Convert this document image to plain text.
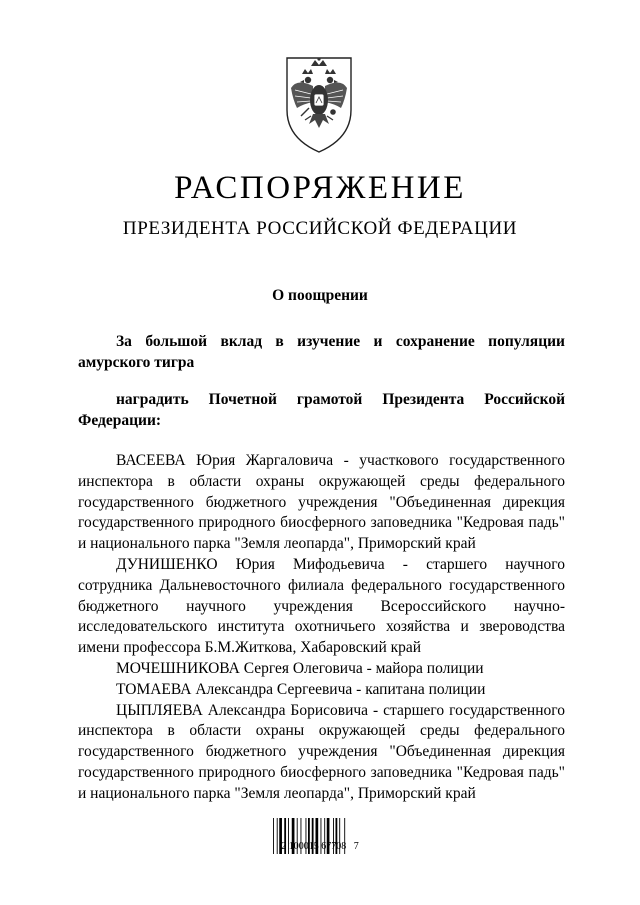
РАСПОРЯЖЕНИЕ
ПРЕЗИДЕНТА РОССИЙСКОЙ ФЕДЕРАЦИИ
О поощрении
За большой вклад в изучение и сохранение популяции амурского тигра
наградить Почетной грамотой Президента Российской Федерации:

ВАСЕЕВА Юрия Жаргаловича - участкового государственного инспектора в области охраны окружающей среды федерального государственного бюджетного учреждения "Объединенная дирекция государственного природного биосферного заповедника "Кедровая падь" и национального парка "Земля леопарда", Приморский край

ДУНИШЕНКО Юрия Мифодьевича - старшего научного сотрудника Дальневосточного филиала федерального государственного бюджетного научного учреждения Всероссийского научно-исследовательского института охотничьего хозяйства и звероводства имени профессора Б.М.Житкова, Хабаровский край

МОЧЕШНИКОВА Сергея Олеговича - майора полиции

ТОМАЕВА Александра Сергеевича - капитана полиции

ЦЫПЛЯЕВА Александра Борисовича - старшего государственного инспектора в области охраны окружающей среды федерального государственного бюджетного учреждения "Объединенная дирекция государственного природного биосферного заповедника "Кедровая падь" и национального парка "Земля леопарда", Приморский край

2 100015 67708   7
